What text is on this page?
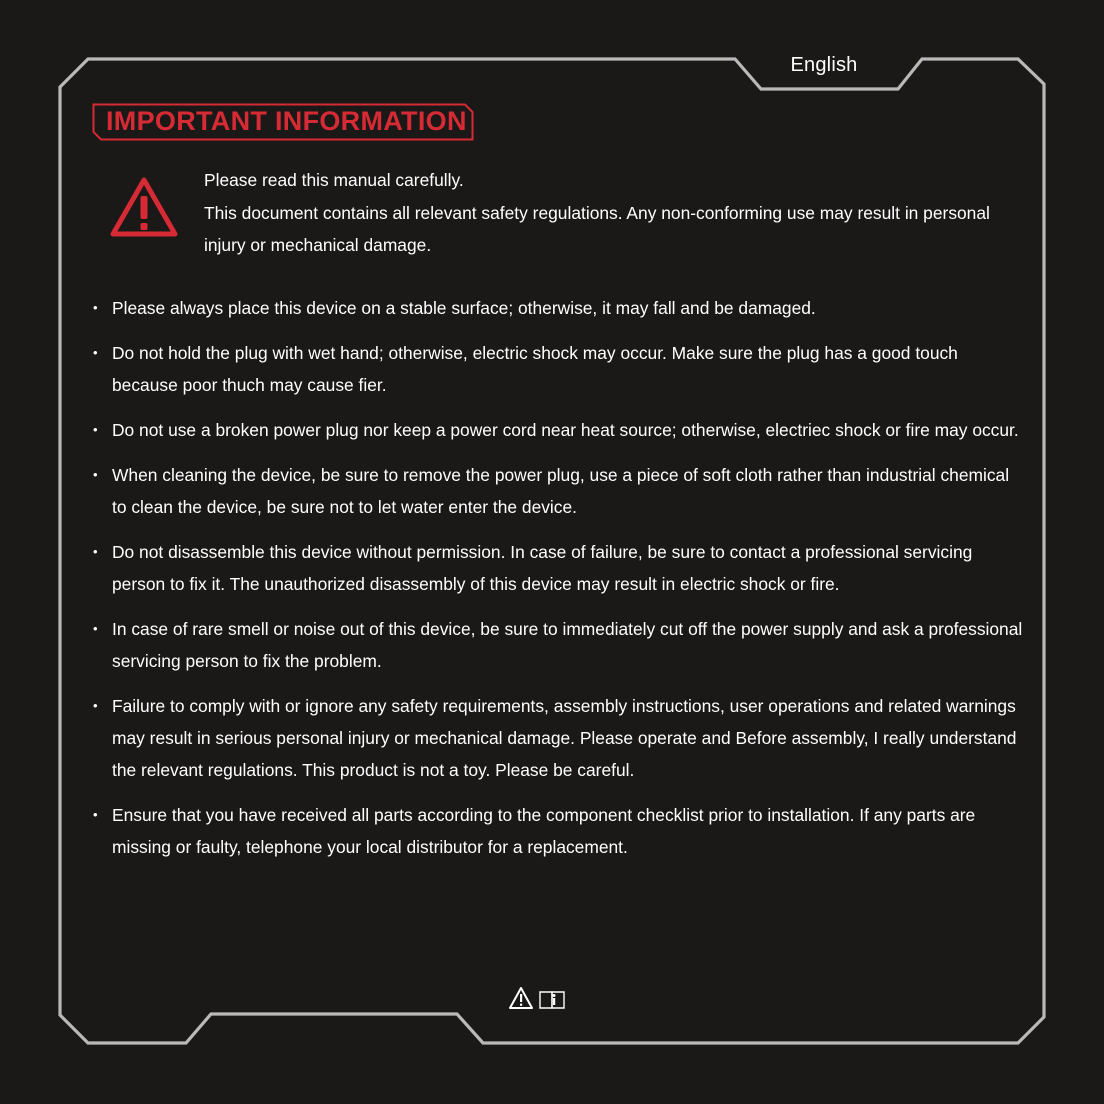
English
IMPORTANT INFORMATION

Please read this manual carefully.

This document contains all relevant safety regulations. Any non-conforming use may result in personal injury or mechanical damage.

• Please always place this device on a stable surface; otherwise, it may fall and be damaged.
• Do not hold the plug with wet hand; otherwise, electric shock may occur. Make sure the plug has a good touch because poor thuch may cause fier.
• Do not use a broken power plug nor keep a power cord near heat source; otherwise, electriec shock or fire may occur.
• When cleaning the device, be sure to remove the power plug, use a piece of soft cloth rather than industrial chemical to clean the device, be sure not to let water enter the device.
• Do not disassemble this device without permission. In case of failure, be sure to contact a professional servicing person to fix it. The unauthorized disassembly of this device may result in electric shock or fire.
• In case of rare smell or noise out of this device, be sure to immediately cut off the power supply and ask a professional servicing person to fix the problem.
• Failure to comply with or ignore any safety requirements, assembly instructions, user operations and related warnings may result in serious personal injury or mechanical damage. Please operate and Before assembly, I really understand the relevant regulations. This product is not a toy. Please be careful.
• Ensure that you have received all parts according to the component checklist prior to installation. If any parts are missing or faulty, telephone your local distributor for a replacement.
